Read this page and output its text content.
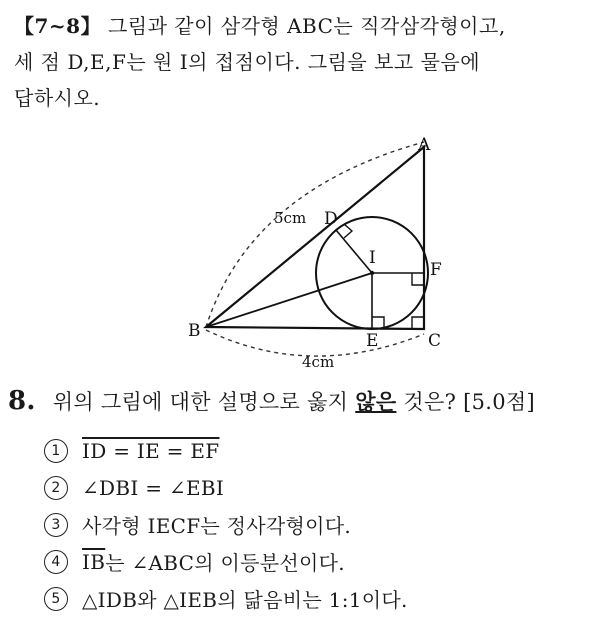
【7~8】 그림과 같이 삼각형 ABC는 직각삼각형이고,
세 점 D,E,F는 원 I의 접점이다. 그림을 보고 물음에
답하시오.
A
B	C
D
E
F
I
5cm
4cm
8. 위의 그림에 대한 설명으로 옳지 않은 것은? [5.0점]
1	ID = IE = EF
2	∠DBI = ∠EBI
3	사각형 IECF는 정사각형이다.
4	$\overline{IB}$ 는 ∠ABC의 이등분선이다.
5	△IDB와 △IEB의 닮음비는 1:1이다.
